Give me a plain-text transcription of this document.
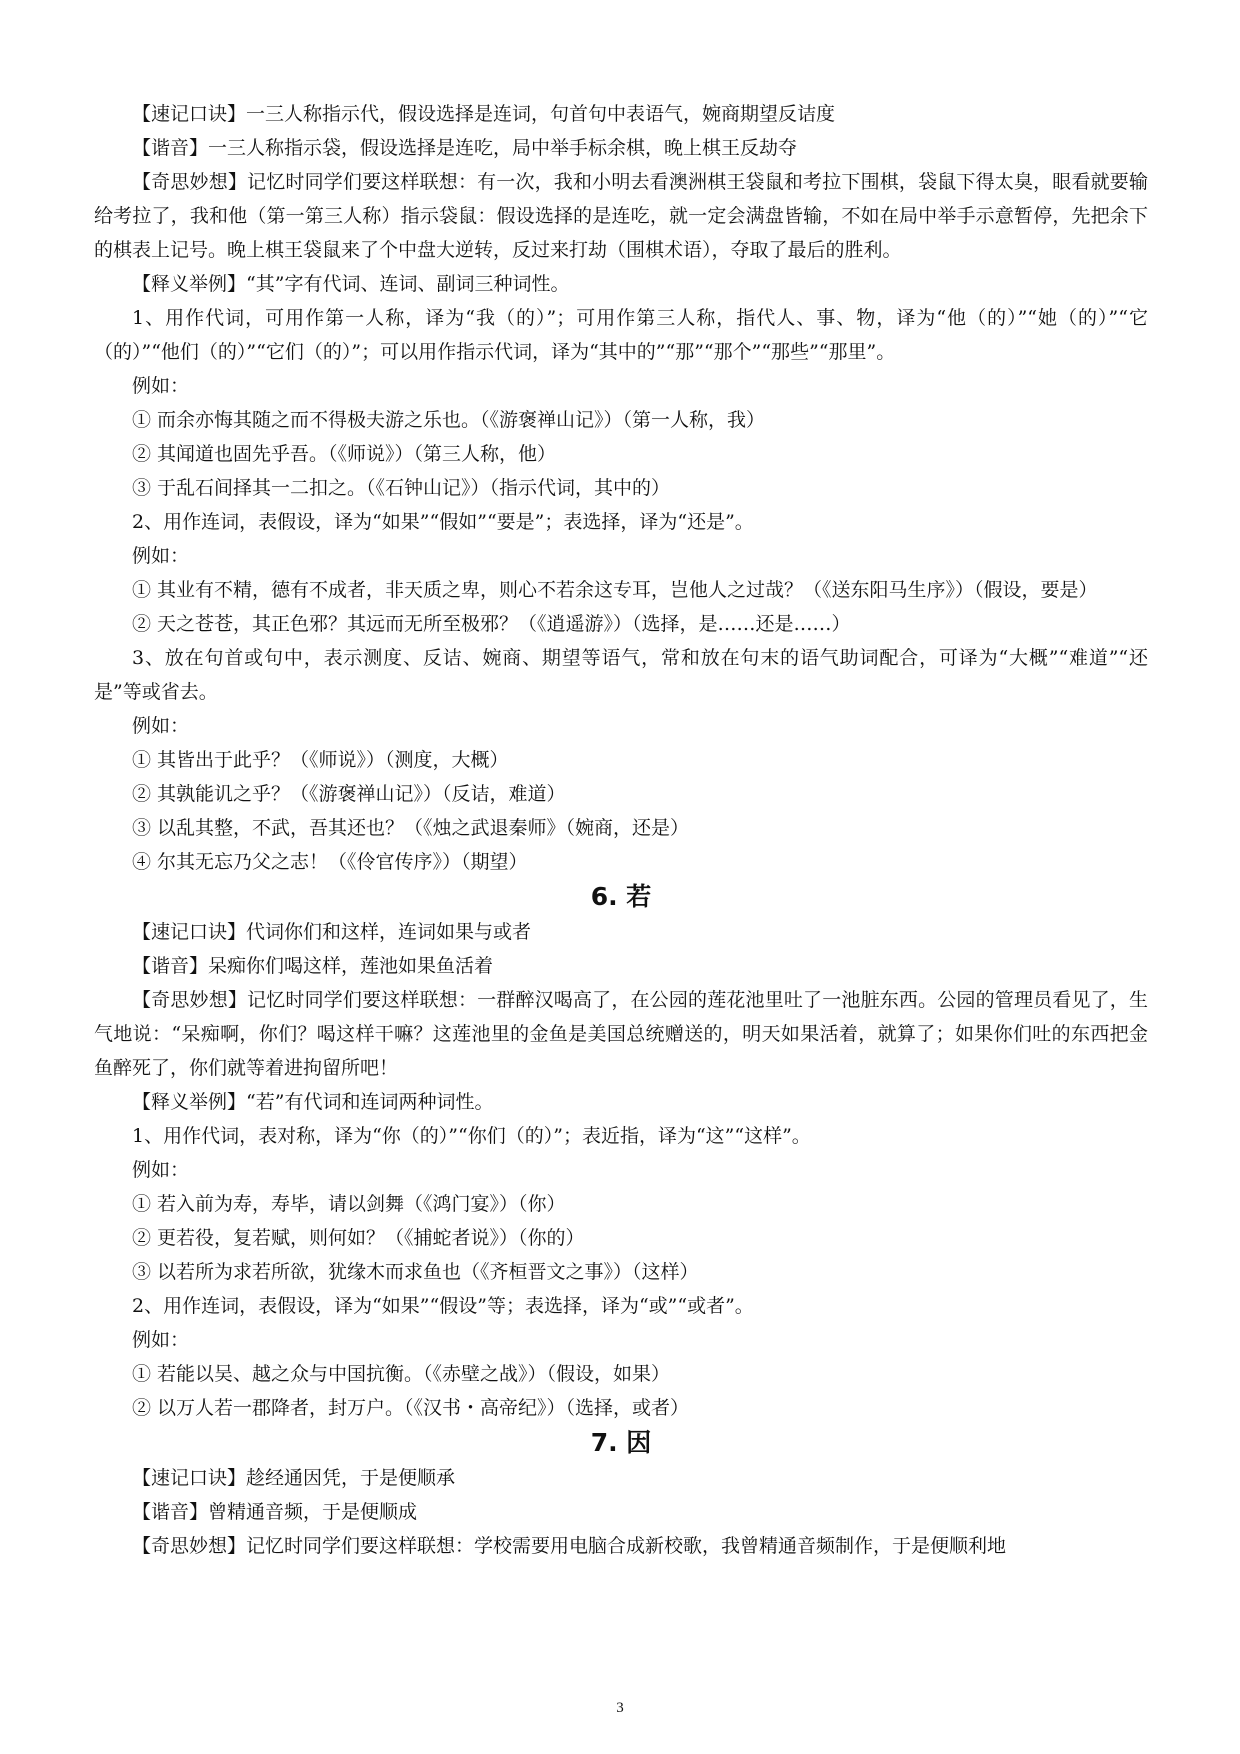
【速记口诀】一三人称指示代，假设选择是连词，句首句中表语气，婉商期望反诘度

【谐音】一三人称指示袋，假设选择是连吃，局中举手标余棋，晚上棋王反劫夺

【奇思妙想】记忆时同学们要这样联想：有一次，我和小明去看澳洲棋王袋鼠和考拉下围棋，袋鼠下得太臭，眼看就要输给考拉了，我和他（第一第三人称）指示袋鼠：假设选择的是连吃，就一定会满盘皆输，不如在局中举手示意暂停，先把余下的棋表上记号。晚上棋王袋鼠来了个中盘大逆转，反过来打劫（围棋术语），夺取了最后的胜利。

【释义举例】“其”字有代词、连词、副词三种词性。

1、用作代词，可用作第一人称，译为“我（的）”；可用作第三人称，指代人、事、物，译为“他（的）”“她（的）”“它（的）”“他们（的）”“它们（的）”；可以用作指示代词，译为“其中的”“那”“那个”“那些”“那里”。

例如：

① 而余亦悔其随之而不得极夫游之乐也。（《游褒禅山记》）（第一人称，我）

② 其闻道也固先乎吾。（《师说》）（第三人称，他）

③ 于乱石间择其一二扣之。（《石钟山记》）（指示代词，其中的）

2、用作连词，表假设，译为“如果”“假如”“要是”；表选择，译为“还是”。

例如：

① 其业有不精，德有不成者，非天质之卑，则心不若余这专耳，岂他人之过哉？（《送东阳马生序》）（假设，要是）

② 天之苍苍，其正色邪？其远而无所至极邪？（《逍遥游》）（选择，是……还是……）

3、放在句首或句中，表示测度、反诘、婉商、期望等语气，常和放在句末的语气助词配合，可译为“大概”“难道”“还是”等或省去。

例如：

① 其皆出于此乎？（《师说》）（测度，大概）

② 其孰能讥之乎？（《游褒禅山记》）（反诘，难道）

③ 以乱其整，不武，吾其还也？（《烛之武退秦师》（婉商，还是）

④ 尔其无忘乃父之志！（《伶官传序》）（期望）

6. 若

【速记口诀】代词你们和这样，连词如果与或者

【谐音】呆痴你们喝这样，莲池如果鱼活着

【奇思妙想】记忆时同学们要这样联想：一群醉汉喝高了，在公园的莲花池里吐了一池脏东西。公园的管理员看见了，生气地说：“呆痴啊，你们？喝这样干嘛？这莲池里的金鱼是美国总统赠送的，明天如果活着，就算了；如果你们吐的东西把金鱼醉死了，你们就等着进拘留所吧！

【释义举例】“若”有代词和连词两种词性。

1、用作代词，表对称，译为“你（的）”“你们（的）”；表近指，译为“这”“这样”。

例如：

① 若入前为寿，寿毕，请以剑舞（《鸿门宴》）（你）

② 更若役，复若赋，则何如？（《捕蛇者说》）（你的）

③ 以若所为求若所欲，犹缘木而求鱼也（《齐桓晋文之事》）（这样）

2、用作连词，表假设，译为“如果”“假设”等；表选择，译为“或”“或者”。

例如：

① 若能以吴、越之众与中国抗衡。（《赤壁之战》）（假设，如果）

② 以万人若一郡降者，封万户。（《汉书・高帝纪》）（选择，或者）

7. 因

【速记口诀】趁经通因凭，于是便顺承

【谐音】曾精通音频，于是便顺成

【奇思妙想】记忆时同学们要这样联想：学校需要用电脑合成新校歌，我曾精通音频制作，于是便顺利地

3
